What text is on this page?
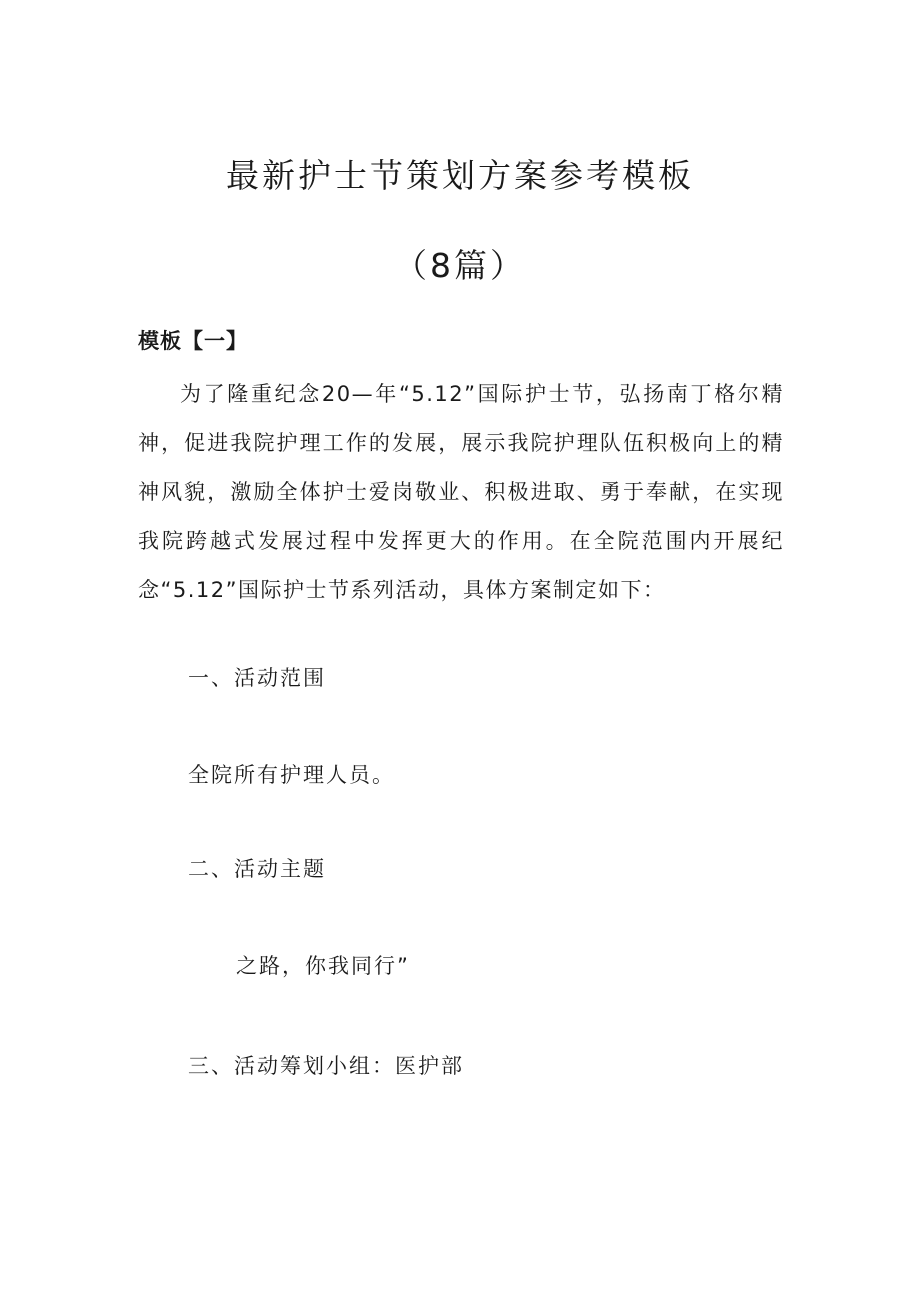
最新护士节策划方案参考模板
（8篇）
模板【一】

为了隆重纪念20—年“5.12”国际护士节，弘扬南丁格尔精神，促进我院护理工作的发展，展示我院护理队伍积极向上的精神风貌，激励全体护士爱岗敬业、积极进取、勇于奉献，在实现我院跨越式发展过程中发挥更大的作用。在全院范围内开展纪念“5.12”国际护士节系列活动，具体方案制定如下：

一、活动范围
全院所有护理人员。
二、活动主题
之路，你我同行”
三、活动筹划小组：医护部
